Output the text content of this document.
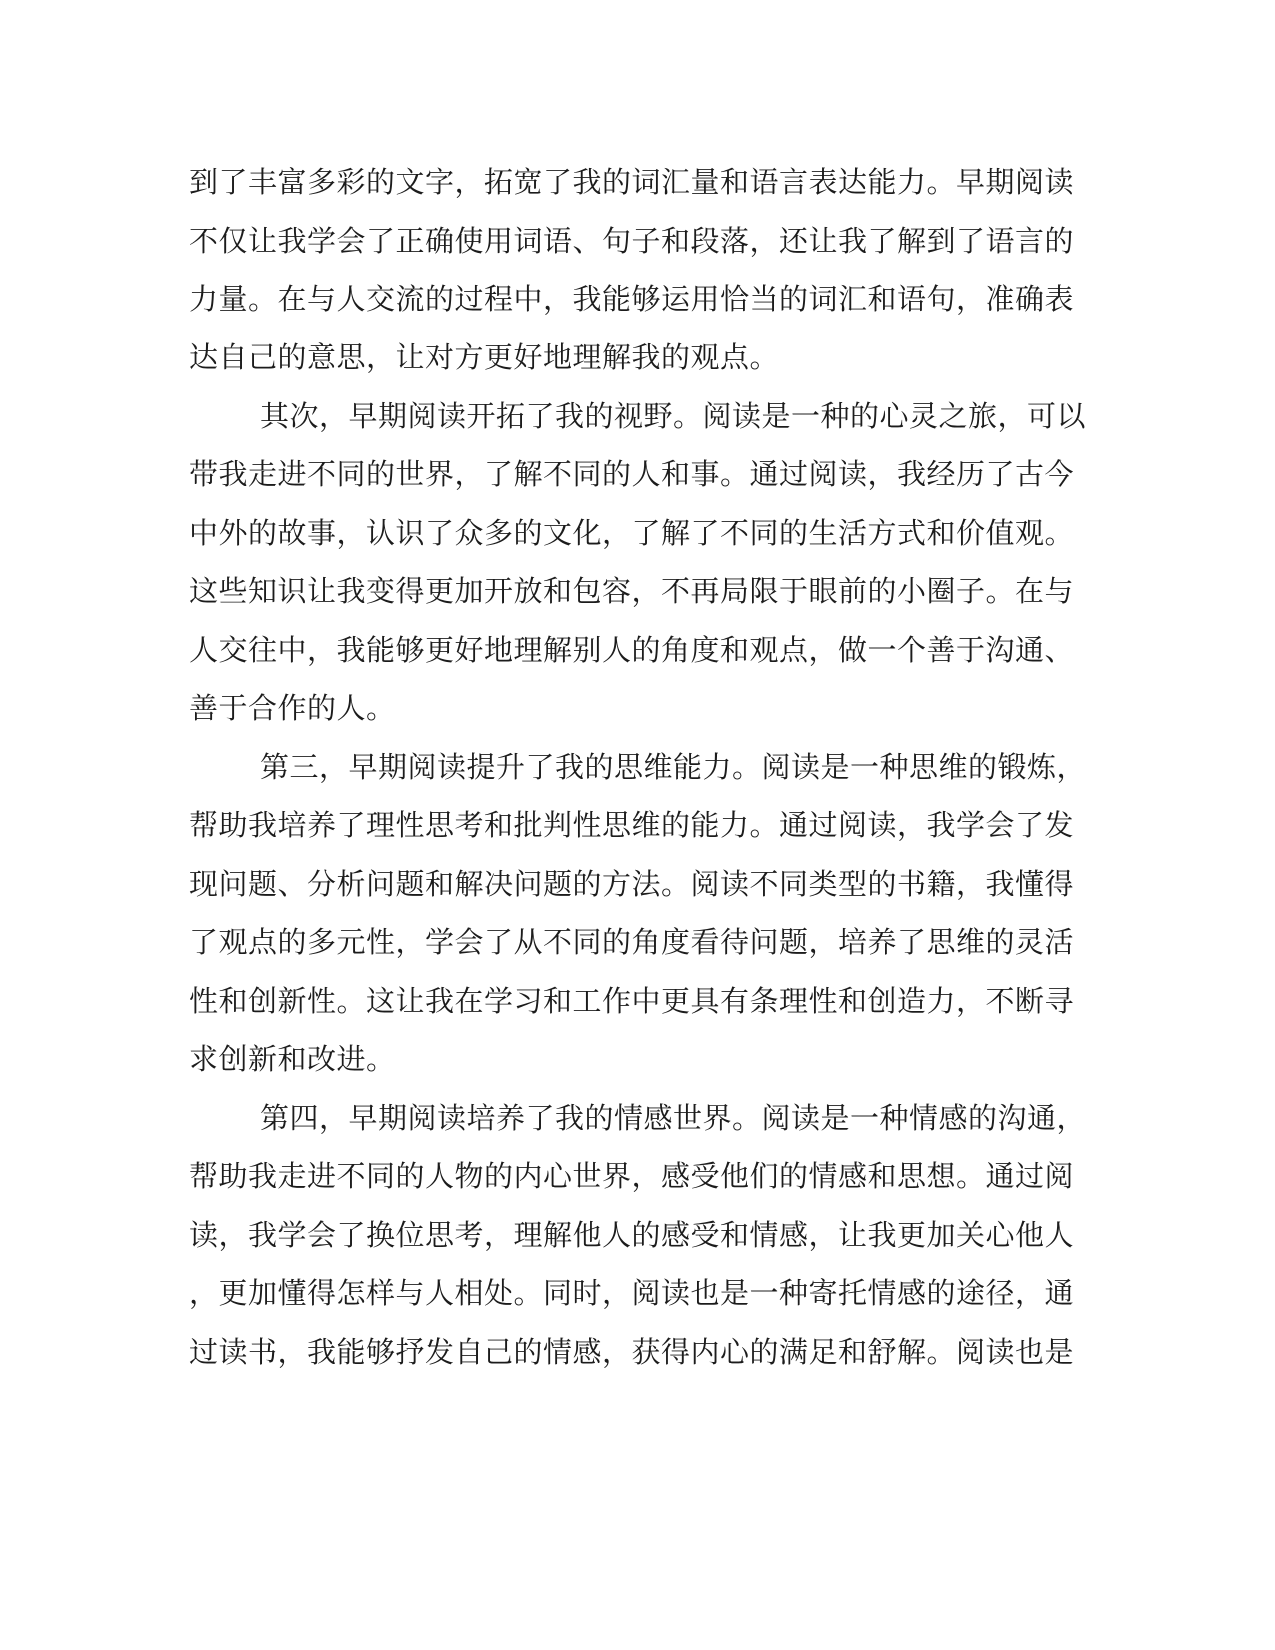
到了丰富多彩的文字，拓宽了我的词汇量和语言表达能力。早期阅读
不仅让我学会了正确使用词语、句子和段落，还让我了解到了语言的
力量。在与人交流的过程中，我能够运用恰当的词汇和语句，准确表
达自己的意思，让对方更好地理解我的观点。
其次，早期阅读开拓了我的视野。阅读是一种的心灵之旅，可以
带我走进不同的世界，了解不同的人和事。通过阅读，我经历了古今
中外的故事，认识了众多的文化，了解了不同的生活方式和价值观。
这些知识让我变得更加开放和包容，不再局限于眼前的小圈子。在与
人交往中，我能够更好地理解别人的角度和观点，做一个善于沟通、
善于合作的人。
第三，早期阅读提升了我的思维能力。阅读是一种思维的锻炼，
帮助我培养了理性思考和批判性思维的能力。通过阅读，我学会了发
现问题、分析问题和解决问题的方法。阅读不同类型的书籍，我懂得
了观点的多元性，学会了从不同的角度看待问题，培养了思维的灵活
性和创新性。这让我在学习和工作中更具有条理性和创造力，不断寻
求创新和改进。
第四，早期阅读培养了我的情感世界。阅读是一种情感的沟通，
帮助我走进不同的人物的内心世界，感受他们的情感和思想。通过阅
读，我学会了换位思考，理解他人的感受和情感，让我更加关心他人
，更加懂得怎样与人相处。同时，阅读也是一种寄托情感的途径，通
过读书，我能够抒发自己的情感，获得内心的满足和舒解。阅读也是
